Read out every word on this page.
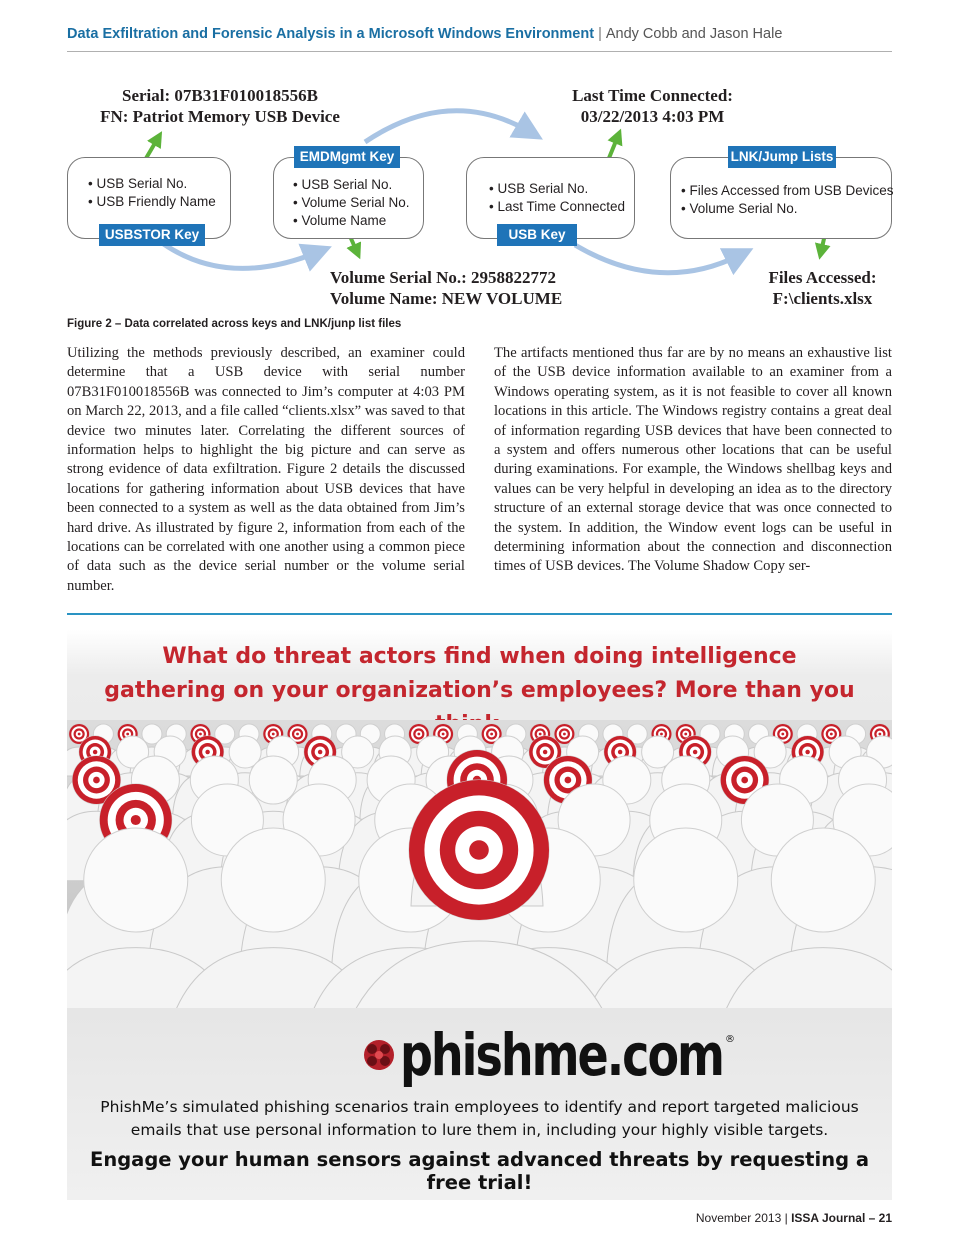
Data Exfiltration and Forensic Analysis in a Microsoft Windows Environment | Andy Cobb and Jason Hale
Serial: 07B31F010018556B
FN: Patriot Memory USB Device
Last Time Connected:
03/22/2013 4:03 PM
Volume Serial No.: 2958822772
Volume Name: NEW VOLUME
Files Accessed:
F:\clients.xlsx
• USB Serial No.
• USB Friendly Name
USBSTOR Key
• USB Serial No.
• Volume Serial No.
• Volume Name
EMDMgmt Key
• USB Serial No.
• Last Time Connected
USB Key
• Files Accessed from USB Devices
• Volume Serial No.
LNK/Jump Lists
Figure 2 – Data correlated across keys and LNK/junp list files
Utilizing the methods previously described, an examiner could determine that a USB device with serial number 07B31F010018556B was connected to Jim’s computer at 4:03 PM on March 22, 2013, and a file called “clients.xlsx” was saved to that device two minutes later. Correlating the different sources of information helps to highlight the big picture and can serve as strong evidence of data exfiltration. Figure 2 details the discussed locations for gathering information about USB devices that have been connected to a system as well as the data obtained from Jim’s hard drive. As illustrated by figure 2, information from each of the locations can be correlated with one another using a common piece of data such as the device serial number or the volume serial number.
The artifacts mentioned thus far are by no means an exhaustive list of the USB device information available to an examiner from a Windows operating system, as it is not feasible to cover all known locations in this article. The Windows registry contains a great deal of information regarding USB devices that have been connected to a system and offers numerous other locations that can be useful during examinations. For example, the Windows shellbag keys and values can be very helpful in developing an idea as to the directory structure of an external storage device that was once connected to the system. In addition, the Window event logs can be useful in determining information about the connection and disconnection times of USB devices. The Volume Shadow Copy ser-
What do threat actors find when doing intelligence
gathering on your organization’s employees? More than you
phishme.com ®
PhishMe’s simulated phishing scenarios train employees to identify and report targeted malicious
emails that use personal information to lure them in, including your highly visible targets.
Engage your human sensors against advanced threats by requesting a free trial!
November 2013 | ISSA Journal – 21
